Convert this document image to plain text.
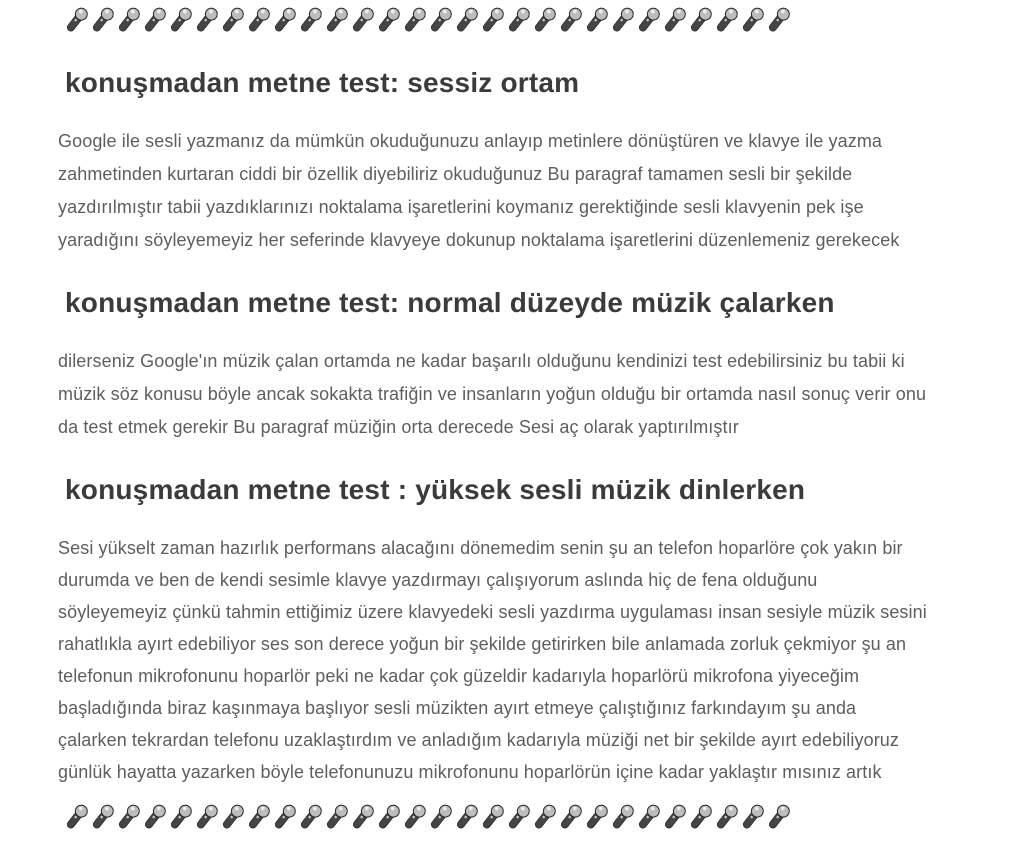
konuşmadan metne test: sessiz ortam

Google ile sesli yazmanız da mümkün okuduğunuzu anlayıp metinlere dönüştüren ve klavye ile yazma zahmetinden kurtaran ciddi bir özellik diyebiliriz okuduğunuz Bu paragraf tamamen sesli bir şekilde yazdırılmıştır tabii yazdıklarınızı noktalama işaretlerini koymanız gerektiğinde sesli klavyenin pek işe yaradığını söyleyemeyiz her seferinde klavyeye dokunup noktalama işaretlerini düzenlemeniz gerekecek

konuşmadan metne test: normal düzeyde müzik çalarken

dilerseniz Google'ın müzik çalan ortamda ne kadar başarılı olduğunu kendinizi test edebilirsiniz bu tabii ki müzik söz konusu böyle ancak sokakta trafiğin ve insanların yoğun olduğu bir ortamda nasıl sonuç verir onu da test etmek gerekir Bu paragraf müziğin orta derecede Sesi aç olarak yaptırılmıştır

konuşmadan metne test : yüksek sesli müzik dinlerken

Sesi yükselt zaman hazırlık performans alacağını dönemedim senin şu an telefon hoparlöre çok yakın bir durumda ve ben de kendi sesimle klavye yazdırmayı çalışıyorum aslında hiç de fena olduğunu söyleyemeyiz çünkü tahmin ettiğimiz üzere klavyedeki sesli yazdırma uygulaması insan sesiyle müzik sesini rahatlıkla ayırt edebiliyor ses son derece yoğun bir şekilde getirirken bile anlamada zorluk çekmiyor şu an telefonun mikrofonunu hoparlör peki ne kadar çok güzeldir kadarıyla hoparlörü mikrofona yiyeceğim başladığında biraz kaşınmaya başlıyor sesli müzikten ayırt etmeye çalıştığınız farkındayım şu anda çalarken tekrardan telefonu uzaklaştırdım ve anladığım kadarıyla müziği net bir şekilde ayırt edebiliyoruz günlük hayatta yazarken böyle telefonunuzu mikrofonunu hoparlörün içine kadar yaklaştır mısınız artık
